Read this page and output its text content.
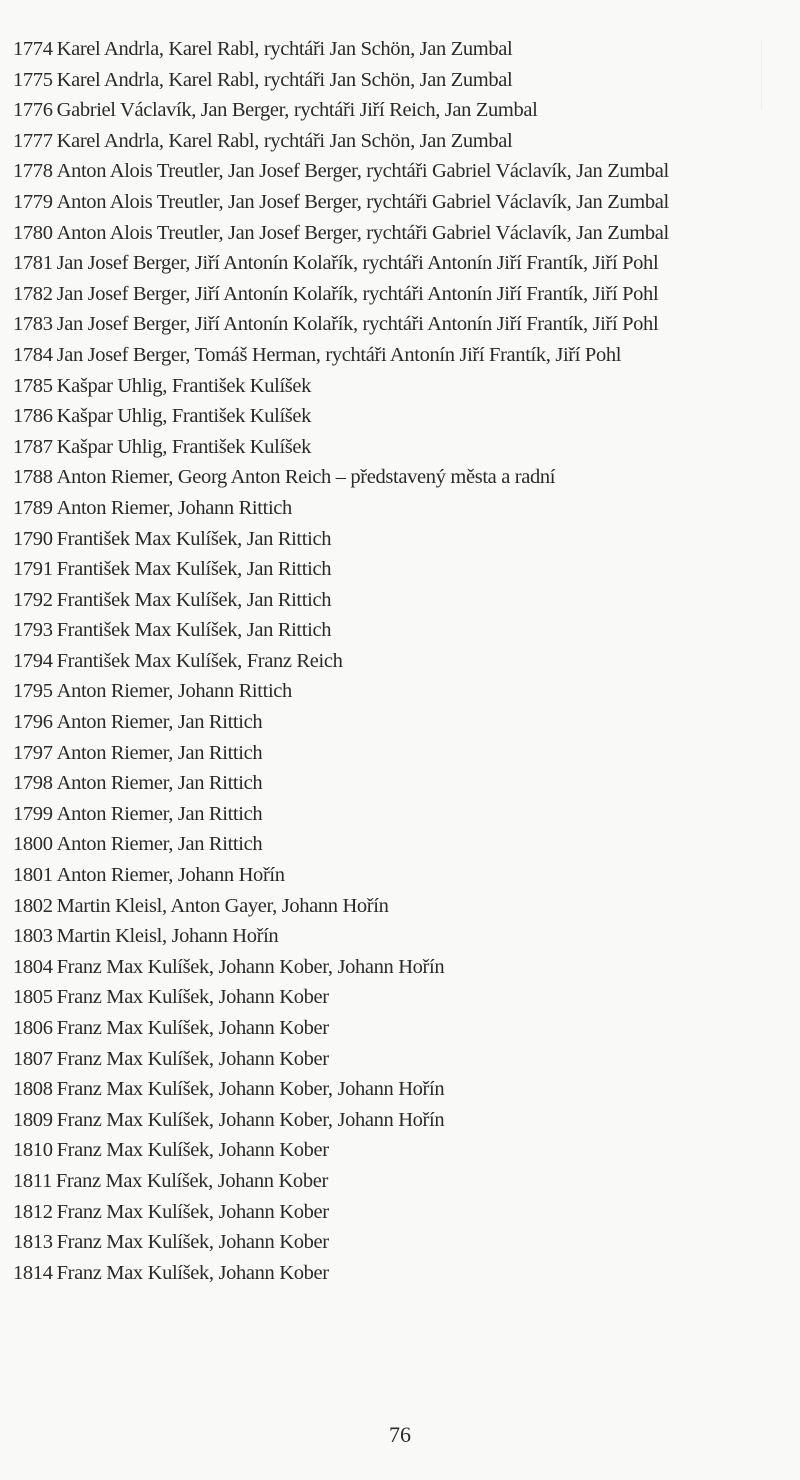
1774 Karel Andrla, Karel Rabl, rychtáři Jan Schön, Jan Zumbal
1775 Karel Andrla, Karel Rabl, rychtáři Jan Schön, Jan Zumbal
1776 Gabriel Václavík, Jan Berger, rychtáři Jiří Reich, Jan Zumbal
1777 Karel Andrla, Karel Rabl, rychtáři Jan Schön, Jan Zumbal
1778 Anton Alois Treutler, Jan Josef Berger, rychtáři Gabriel Václavík, Jan Zumbal
1779 Anton Alois Treutler, Jan Josef Berger, rychtáři Gabriel Václavík, Jan Zumbal
1780 Anton Alois Treutler, Jan Josef Berger, rychtáři Gabriel Václavík, Jan Zumbal
1781 Jan Josef Berger, Jiří Antonín Kolařík, rychtáři Antonín Jiří Frantík, Jiří Pohl
1782 Jan Josef Berger, Jiří Antonín Kolařík, rychtáři Antonín Jiří Frantík, Jiří Pohl
1783 Jan Josef Berger, Jiří Antonín Kolařík, rychtáři Antonín Jiří Frantík, Jiří Pohl
1784 Jan Josef Berger, Tomáš Herman, rychtáři Antonín Jiří Frantík, Jiří Pohl
1785 Kašpar Uhlig, František Kulíšek
1786 Kašpar Uhlig, František Kulíšek
1787 Kašpar Uhlig, František Kulíšek
1788 Anton Riemer, Georg Anton Reich – představený města a radní
1789 Anton Riemer, Johann Rittich
1790 František Max Kulíšek, Jan Rittich
1791 František Max Kulíšek, Jan Rittich
1792 František Max Kulíšek, Jan Rittich
1793 František Max Kulíšek, Jan Rittich
1794 František Max Kulíšek, Franz Reich
1795 Anton Riemer, Johann Rittich
1796 Anton Riemer, Jan Rittich
1797 Anton Riemer, Jan Rittich
1798 Anton Riemer, Jan Rittich
1799 Anton Riemer, Jan Rittich
1800 Anton Riemer, Jan Rittich
1801 Anton Riemer, Johann Hořín
1802 Martin Kleisl, Anton Gayer, Johann Hořín
1803 Martin Kleisl, Johann Hořín
1804 Franz Max Kulíšek, Johann Kober, Johann Hořín
1805 Franz Max Kulíšek, Johann Kober
1806 Franz Max Kulíšek, Johann Kober
1807 Franz Max Kulíšek, Johann Kober
1808 Franz Max Kulíšek, Johann Kober, Johann Hořín
1809 Franz Max Kulíšek, Johann Kober, Johann Hořín
1810 Franz Max Kulíšek, Johann Kober
1811 Franz Max Kulíšek, Johann Kober
1812 Franz Max Kulíšek, Johann Kober
1813 Franz Max Kulíšek, Johann Kober
1814 Franz Max Kulíšek, Johann Kober
76
